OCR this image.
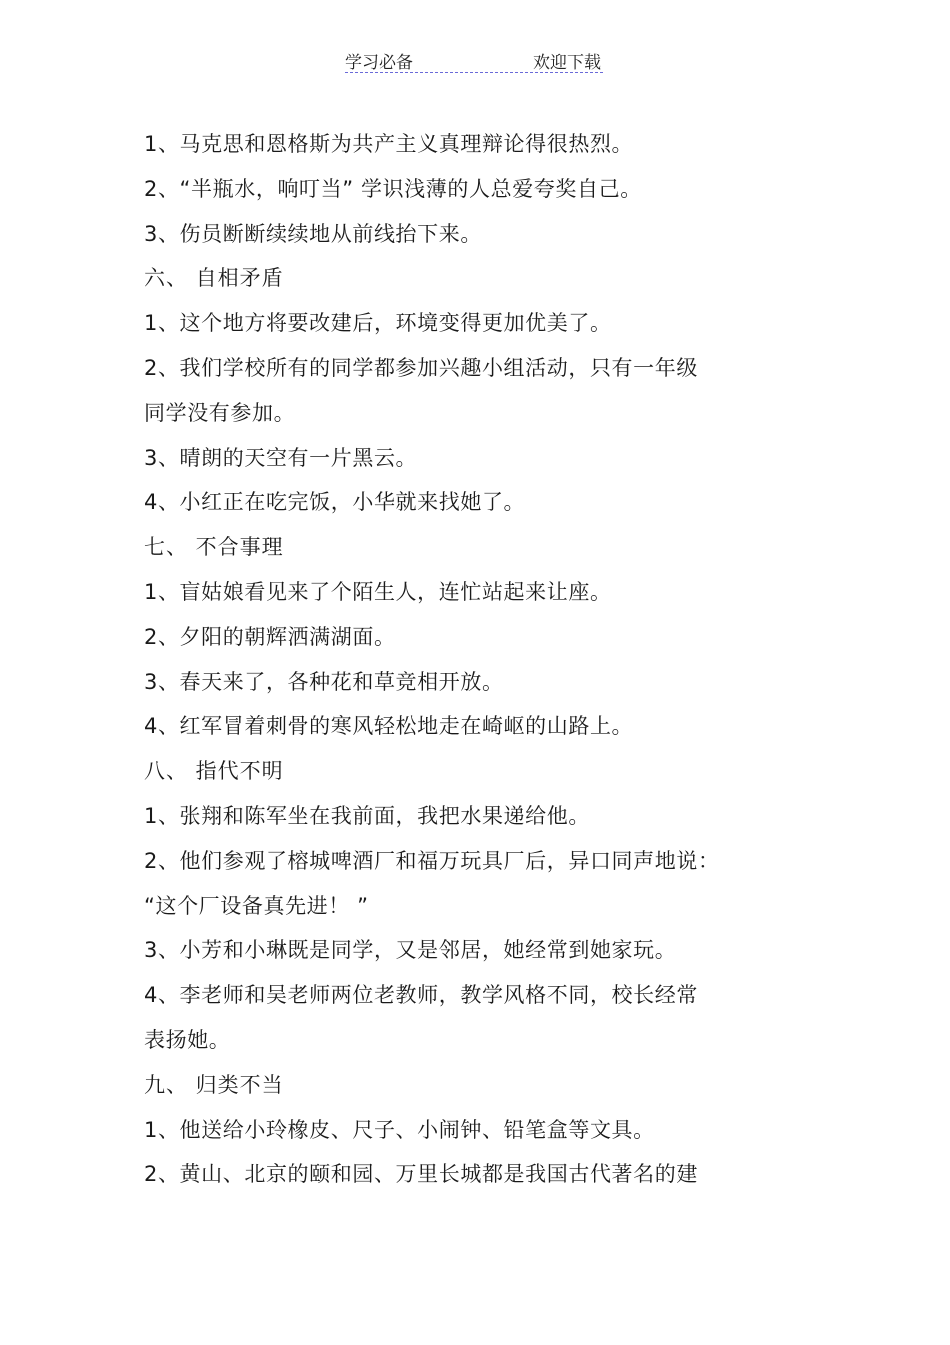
学习必备	欢迎下载
1、马克思和恩格斯为共产主义真理辩论得很热烈。
2、“半瓶水，响叮当” 学识浅薄的人总爱夸奖自己。
3、伤员断断续续地从前线抬下来。
六、 自相矛盾
1、这个地方将要改建后，环境变得更加优美了。
2、我们学校所有的同学都参加兴趣小组活动，只有一年级
同学没有参加。
3、晴朗的天空有一片黑云。
4、小红正在吃完饭，小华就来找她了。
七、 不合事理
1、盲姑娘看见来了个陌生人，连忙站起来让座。
2、夕阳的朝辉洒满湖面。
3、春天来了，各种花和草竞相开放。
4、红军冒着刺骨的寒风轻松地走在崎岖的山路上。
八、 指代不明
1、张翔和陈军坐在我前面，我把水果递给他。
2、他们参观了榕城啤酒厂和福万玩具厂后，异口同声地说：
“这个厂设备真先进！ ”
3、小芳和小琳既是同学，又是邻居，她经常到她家玩。
4、李老师和吴老师两位老教师，教学风格不同，校长经常
表扬她。
九、 归类不当
1、他送给小玲橡皮、尺子、小闹钟、铅笔盒等文具。
2、黄山、北京的颐和园、万里长城都是我国古代著名的建
